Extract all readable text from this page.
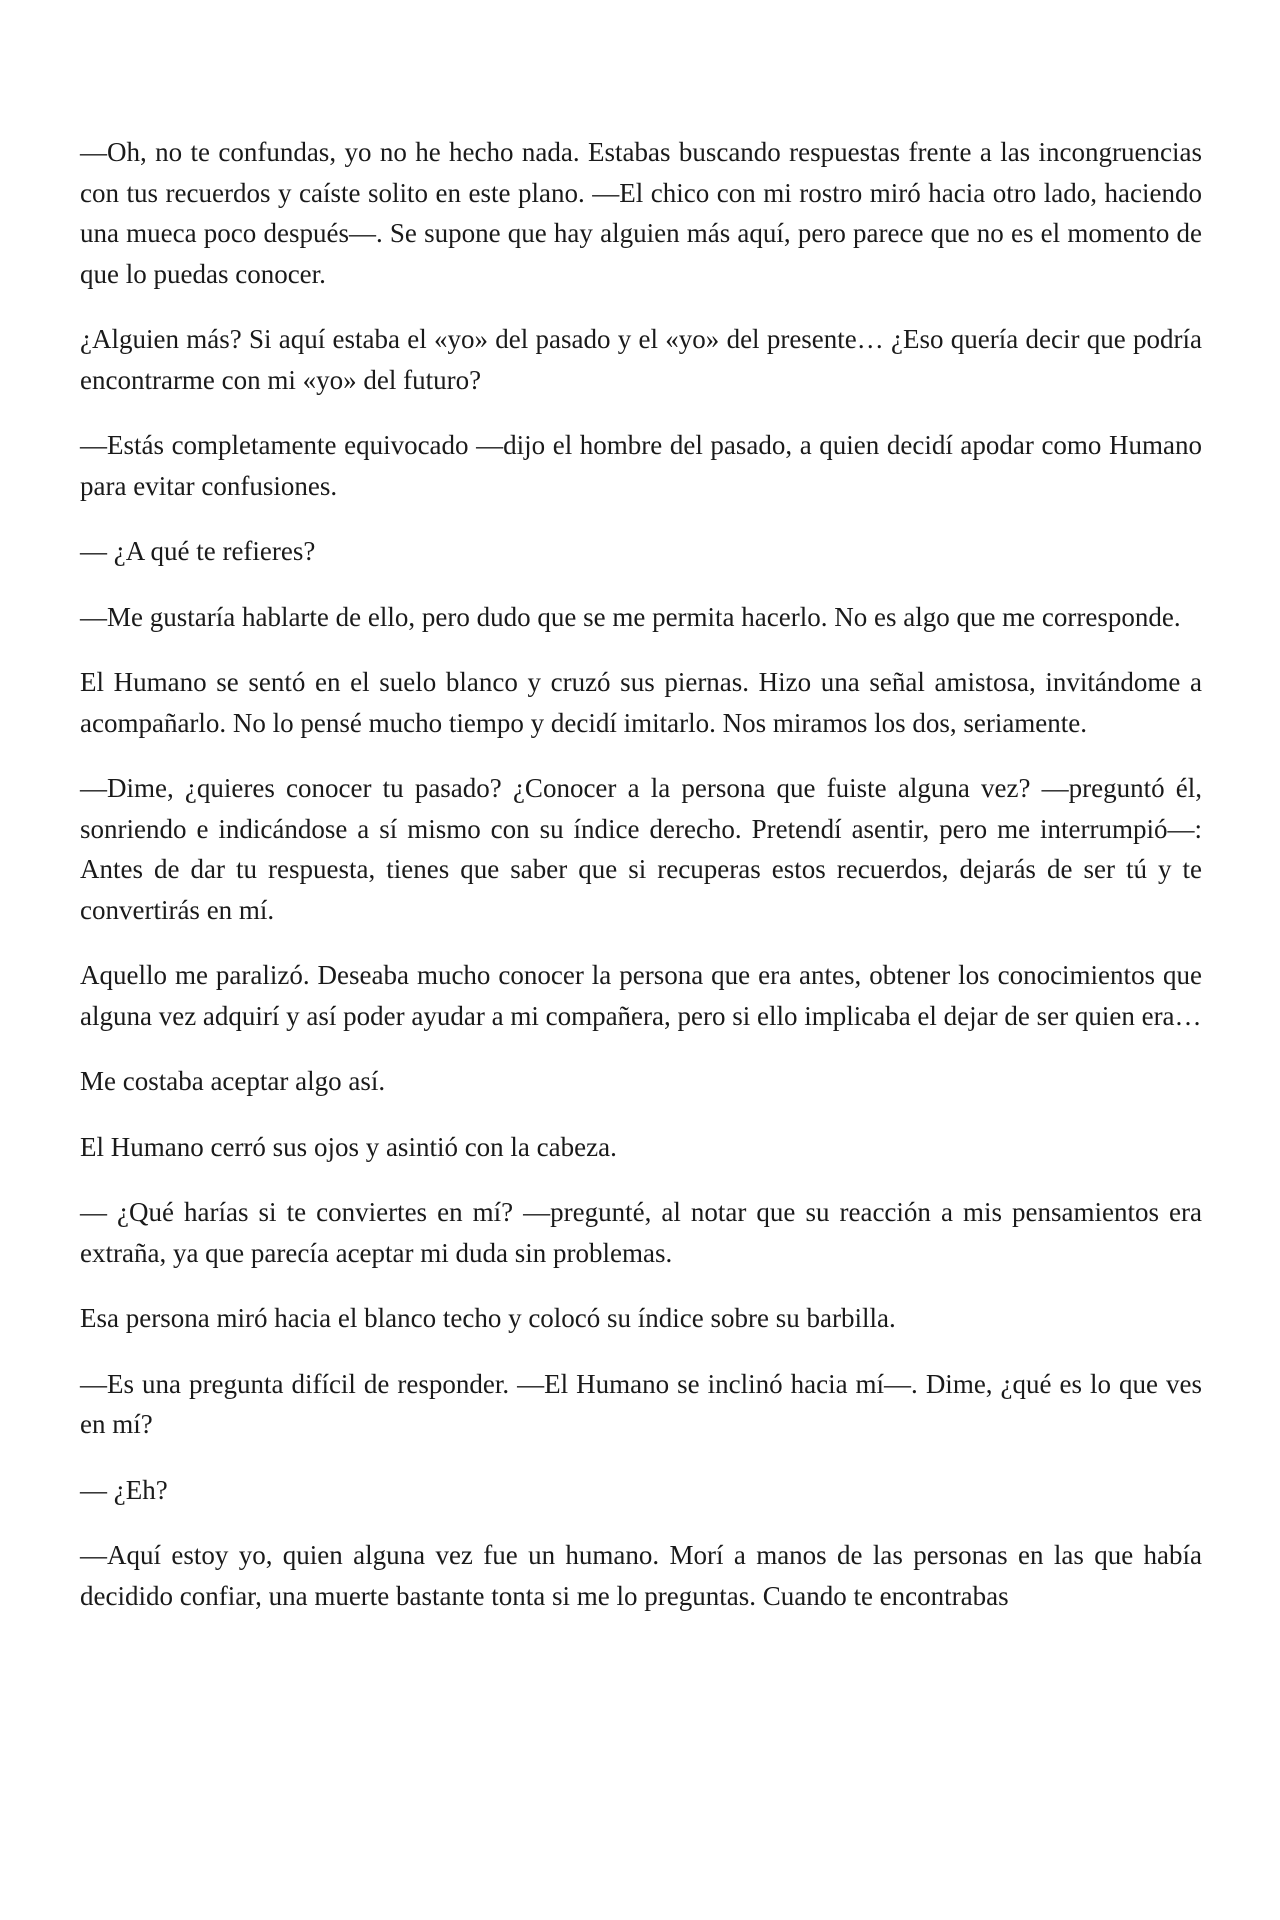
—Oh, no te confundas, yo no he hecho nada. Estabas buscando respuestas frente a las incongruencias con tus recuerdos y caíste solito en este plano. —El chico con mi rostro miró hacia otro lado, haciendo una mueca poco después—. Se supone que hay alguien más aquí, pero parece que no es el momento de que lo puedas conocer.

¿Alguien más? Si aquí estaba el «yo» del pasado y el «yo» del presente… ¿Eso quería decir que podría encontrarme con mi «yo» del futuro?

—Estás completamente equivocado —dijo el hombre del pasado, a quien decidí apodar como Humano para evitar confusiones.

— ¿A qué te refieres?

—Me gustaría hablarte de ello, pero dudo que se me permita hacerlo. No es algo que me corresponde.

El Humano se sentó en el suelo blanco y cruzó sus piernas. Hizo una señal amistosa, invitándome a acompañarlo. No lo pensé mucho tiempo y decidí imitarlo. Nos miramos los dos, seriamente.

—Dime, ¿quieres conocer tu pasado? ¿Conocer a la persona que fuiste alguna vez? —preguntó él, sonriendo e indicándose a sí mismo con su índice derecho. Pretendí asentir, pero me interrumpió—: Antes de dar tu respuesta, tienes que saber que si recuperas estos recuerdos, dejarás de ser tú y te convertirás en mí.

Aquello me paralizó. Deseaba mucho conocer la persona que era antes, obtener los conocimientos que alguna vez adquirí y así poder ayudar a mi compañera, pero si ello implicaba el dejar de ser quien era…

Me costaba aceptar algo así.

El Humano cerró sus ojos y asintió con la cabeza.

— ¿Qué harías si te conviertes en mí? —pregunté, al notar que su reacción a mis pensamientos era extraña, ya que parecía aceptar mi duda sin problemas.

Esa persona miró hacia el blanco techo y colocó su índice sobre su barbilla.

—Es una pregunta difícil de responder. —El Humano se inclinó hacia mí—. Dime, ¿qué es lo que ves en mí?

— ¿Eh?

—Aquí estoy yo, quien alguna vez fue un humano. Morí a manos de las personas en las que había decidido confiar, una muerte bastante tonta si me lo preguntas. Cuando te encontrabas
